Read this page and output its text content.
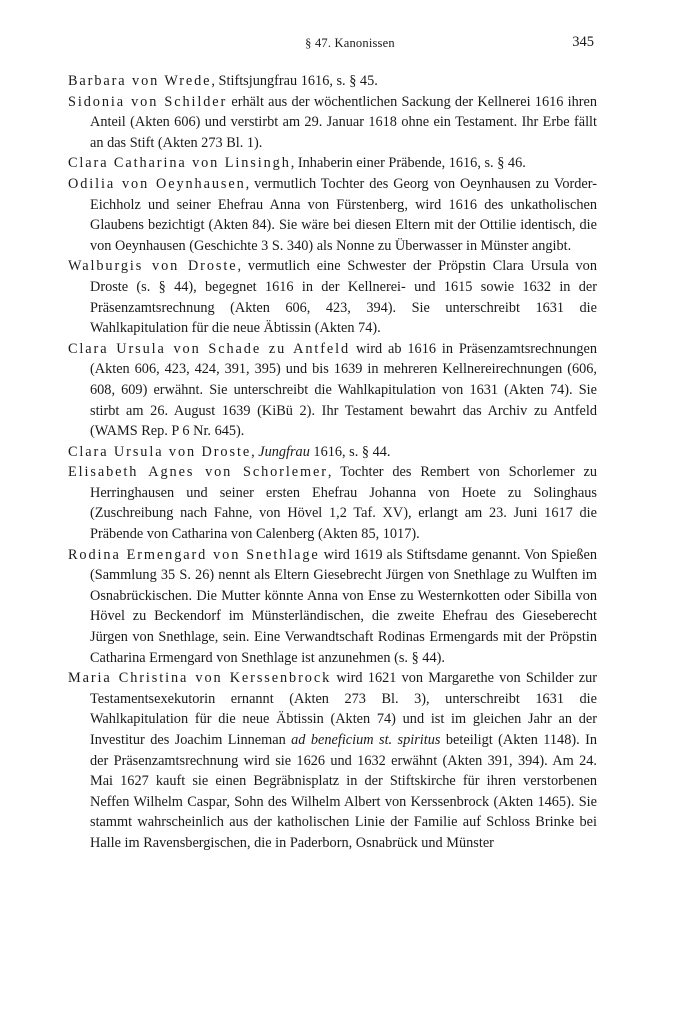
§ 47. Kanonissen	345

Barbara von Wrede, Stiftsjungfrau 1616, s. § 45.

Sidonia von Schilder erhält aus der wöchentlichen Sackung der Kellnerei 1616 ihren Anteil (Akten 606) und verstirbt am 29. Januar 1618 ohne ein Testament. Ihr Erbe fällt an das Stift (Akten 273 Bl. 1).

Clara Catharina von Linsingh, Inhaberin einer Präbende, 1616, s. § 46.

Odilia von Oeynhausen, vermutlich Tochter des Georg von Oeynhausen zu Vorder-Eichholz und seiner Ehefrau Anna von Fürstenberg, wird 1616 des unkatholischen Glaubens bezichtigt (Akten 84). Sie wäre bei diesen Eltern mit der Ottilie identisch, die von Oeynhausen (Geschichte 3 S. 340) als Nonne zu Überwasser in Münster angibt.

Walburgis von Droste, vermutlich eine Schwester der Pröpstin Clara Ursula von Droste (s. § 44), begegnet 1616 in der Kellnerei- und 1615 sowie 1632 in der Präsenzamtsrechnung (Akten 606, 423, 394). Sie unterschreibt 1631 die Wahlkapitulation für die neue Äbtissin (Akten 74).

Clara Ursula von Schade zu Antfeld wird ab 1616 in Präsenzamtsrechnungen (Akten 606, 423, 424, 391, 395) und bis 1639 in mehreren Kellnereirechnungen (606, 608, 609) erwähnt. Sie unterschreibt die Wahlkapitulation von 1631 (Akten 74). Sie stirbt am 26. August 1639 (KiBü 2). Ihr Testament bewahrt das Archiv zu Antfeld (WAMS Rep. P 6 Nr. 645).

Clara Ursula von Droste, Jungfrau 1616, s. § 44.

Elisabeth Agnes von Schorlemer, Tochter des Rembert von Schorlemer zu Herringhausen und seiner ersten Ehefrau Johanna von Hoete zu Solinghaus (Zuschreibung nach Fahne, von Hövel 1,2 Taf. XV), erlangt am 23. Juni 1617 die Präbende von Catharina von Calenberg (Akten 85, 1017).

Rodina Ermengard von Snethlage wird 1619 als Stiftsdame genannt. Von Spießen (Sammlung 35 S. 26) nennt als Eltern Giesebrecht Jürgen von Snethlage zu Wulften im Osnabrückischen. Die Mutter könnte Anna von Ense zu Westernkotten oder Sibilla von Hövel zu Beckendorf im Münsterländischen, die zweite Ehefrau des Gieseberecht Jürgen von Snethlage, sein. Eine Verwandtschaft Rodinas Ermengards mit der Pröpstin Catharina Ermengard von Snethlage ist anzunehmen (s. § 44).

Maria Christina von Kerssenbrock wird 1621 von Margarethe von Schilder zur Testamentsexekutorin ernannt (Akten 273 Bl. 3), unterschreibt 1631 die Wahlkapitulation für die neue Äbtissin (Akten 74) und ist im gleichen Jahr an der Investitur des Joachim Linneman ad beneficium st. spiritus beteiligt (Akten 1148). In der Präsenzamtsrechnung wird sie 1626 und 1632 erwähnt (Akten 391, 394). Am 24. Mai 1627 kauft sie einen Begräbnisplatz in der Stiftskirche für ihren verstorbenen Neffen Wilhelm Caspar, Sohn des Wilhelm Albert von Kerssenbrock (Akten 1465). Sie stammt wahrscheinlich aus der katholischen Linie der Familie auf Schloss Brinke bei Halle im Ravensbergischen, die in Paderborn, Osnabrück und Münster
